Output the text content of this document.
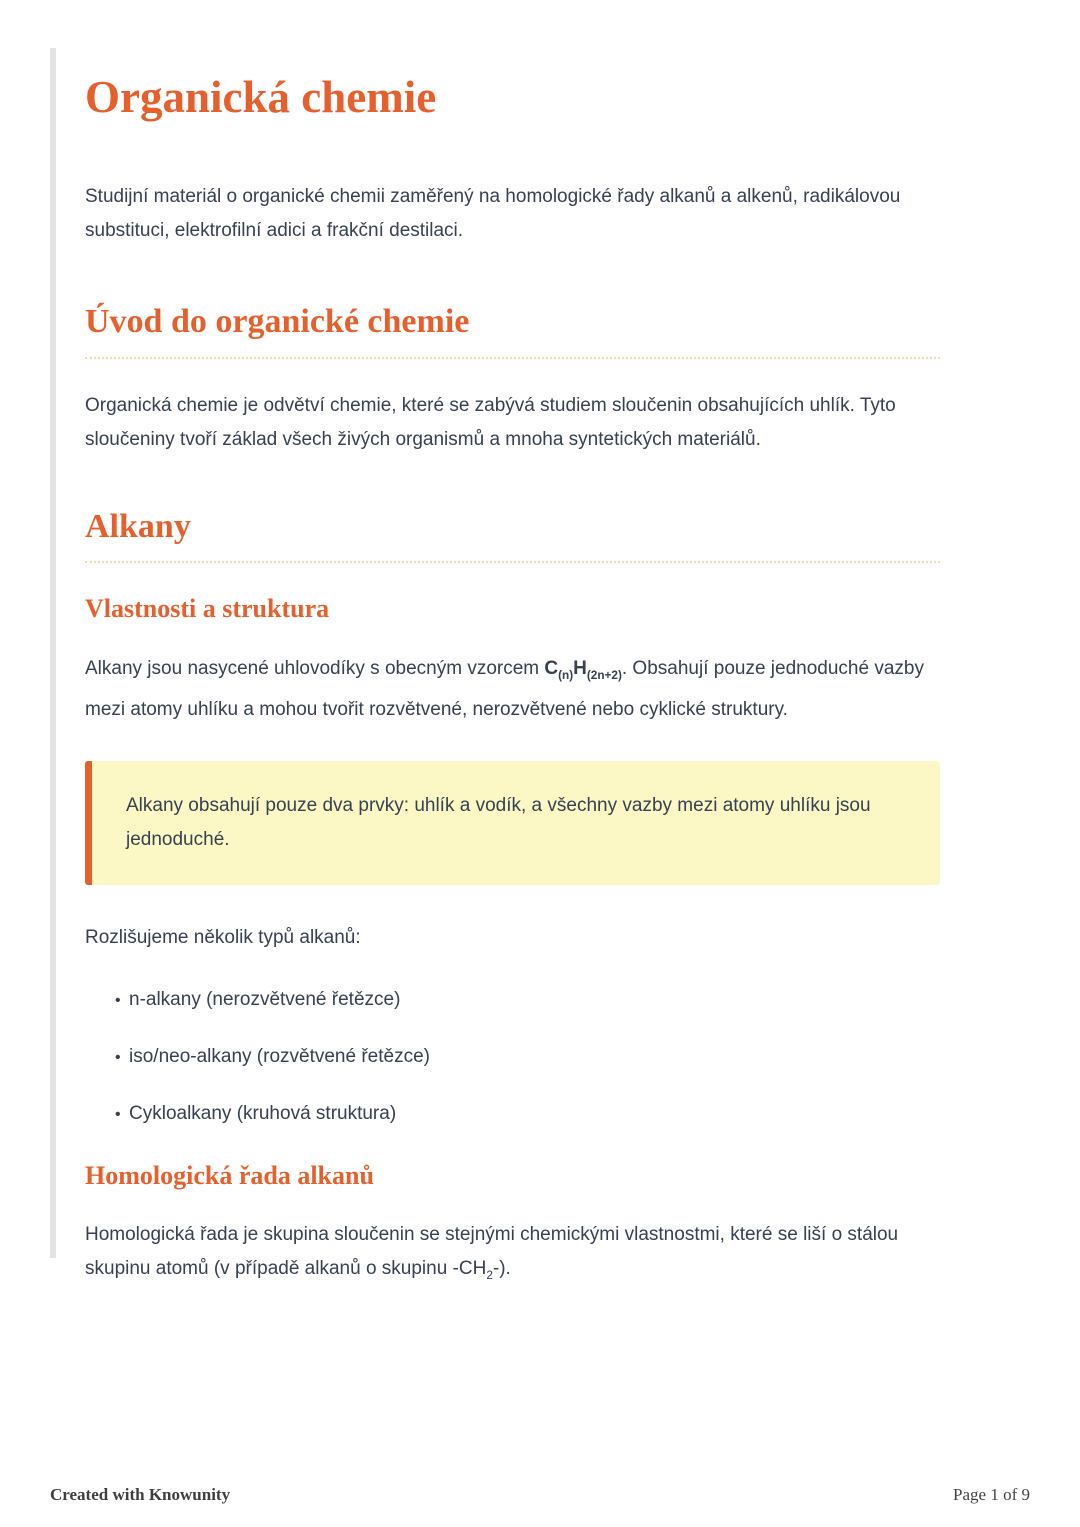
Organická chemie

Studijní materiál o organické chemii zaměřený na homologické řady alkanů a alkenů, radikálovou substituci, elektrofilní adici a frakční destilaci.

Úvod do organické chemie

Organická chemie je odvětví chemie, které se zabývá studiem sloučenin obsahujících uhlík. Tyto sloučeniny tvoří základ všech živých organismů a mnoha syntetických materiálů.

Alkany
Vlastnosti a struktura

Alkany jsou nasycené uhlovodíky s obecným vzorcem $C_{(n)}H_{(2n+2)}$. Obsahují pouze jednoduché vazby mezi atomy uhlíku a mohou tvořit rozvětvené, nerozvětvené nebo cyklické struktury.

Alkany obsahují pouze dva prvky: uhlík a vodík, a všechny vazby mezi atomy uhlíku jsou jednoduché.

Rozlišujeme několik typů alkanů:

• n-alkany (nerozvětvené řetězce)
• iso/neo-alkany (rozvětvené řetězce)
• Cykloalkany (kruhová struktura)
Homologická řada alkanů

Homologická řada je skupina sloučenin se stejnými chemickými vlastnostmi, které se liší o stálou skupinu atomů (v případě alkanů o skupinu $-CH_2-$).

Created with Knowunity	Page 1 of 9
